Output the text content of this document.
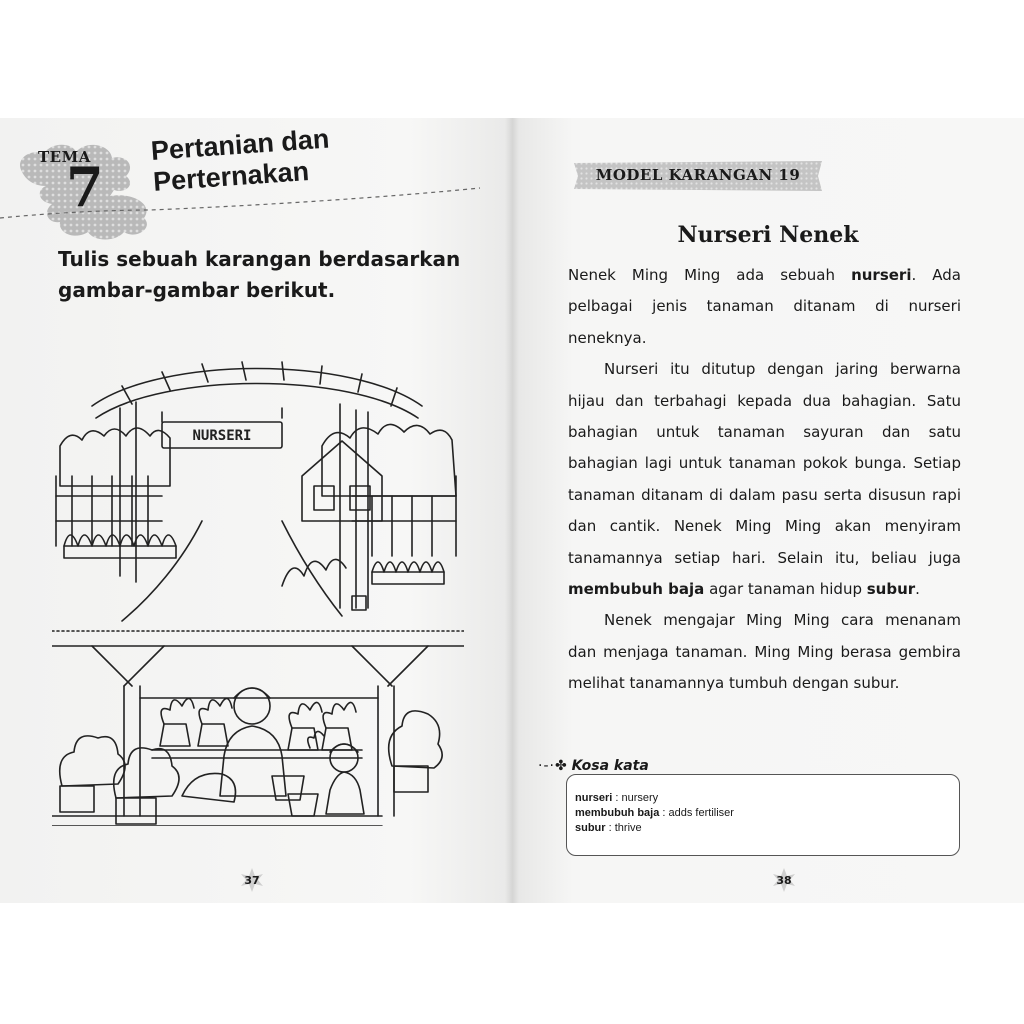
TEMA
7
Pertanian dan
Perternakan
Tulis sebuah karangan berdasarkan
gambar-gambar berikut.
NURSERI
37
MODEL KARANGAN 19
Nurseri Nenek

Nenek Ming Ming ada sebuah nurseri. Ada pelbagai jenis tanaman ditanam di nurseri neneknya.

Nurseri itu ditutup dengan jaring berwarna hijau dan terbahagi kepada dua bahagian. Satu bahagian untuk tanaman sayuran dan satu bahagian lagi untuk tanaman pokok bunga. Setiap tanaman ditanam di dalam pasu serta disusun rapi dan cantik. Nenek Ming Ming akan menyiram tanamannya setiap hari. Selain itu, beliau juga membubuh baja agar tanaman hidup subur.

Nenek mengajar Ming Ming cara menanam dan menjaga tanaman. Ming Ming berasa gembira melihat tanamannya tumbuh dengan subur.

·-·✤ Kosa kata
nurseri : nursery
membubuh baja : adds fertiliser
subur : thrive
38
